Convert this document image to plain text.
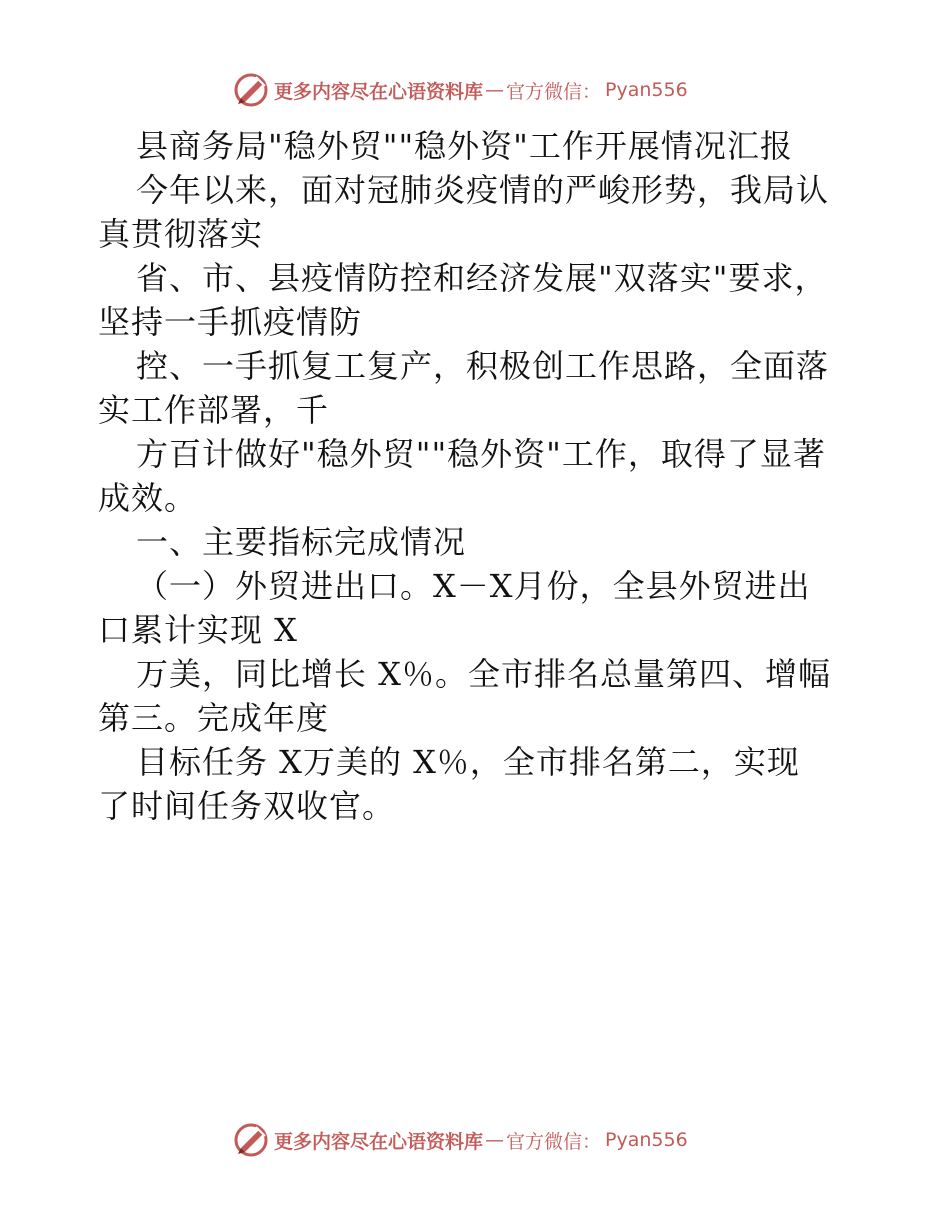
更多内容尽在心语资料库 — 官方微信： Pyan556
县商务局"稳外贸""稳外资"工作开展情况汇报
今年以来，面对冠肺炎疫情的严峻形势，我局认
真贯彻落实
省、市、县疫情防控和经济发展"双落实"要求，
坚持一手抓疫情防
控、一手抓复工复产，积极创工作思路，全面落
实工作部署，千
方百计做好"稳外贸""稳外资"工作，取得了显著
成效。
一、主要指标完成情况
（一）外贸进出口。X－X月份，全县外贸进出
口累计实现 X
万美，同比增长 X％。全市排名总量第四、增幅
第三。完成年度
目标任务 X万美的 X％，全市排名第二，实现
了时间任务双收官。
更多内容尽在心语资料库 — 官方微信： Pyan556
